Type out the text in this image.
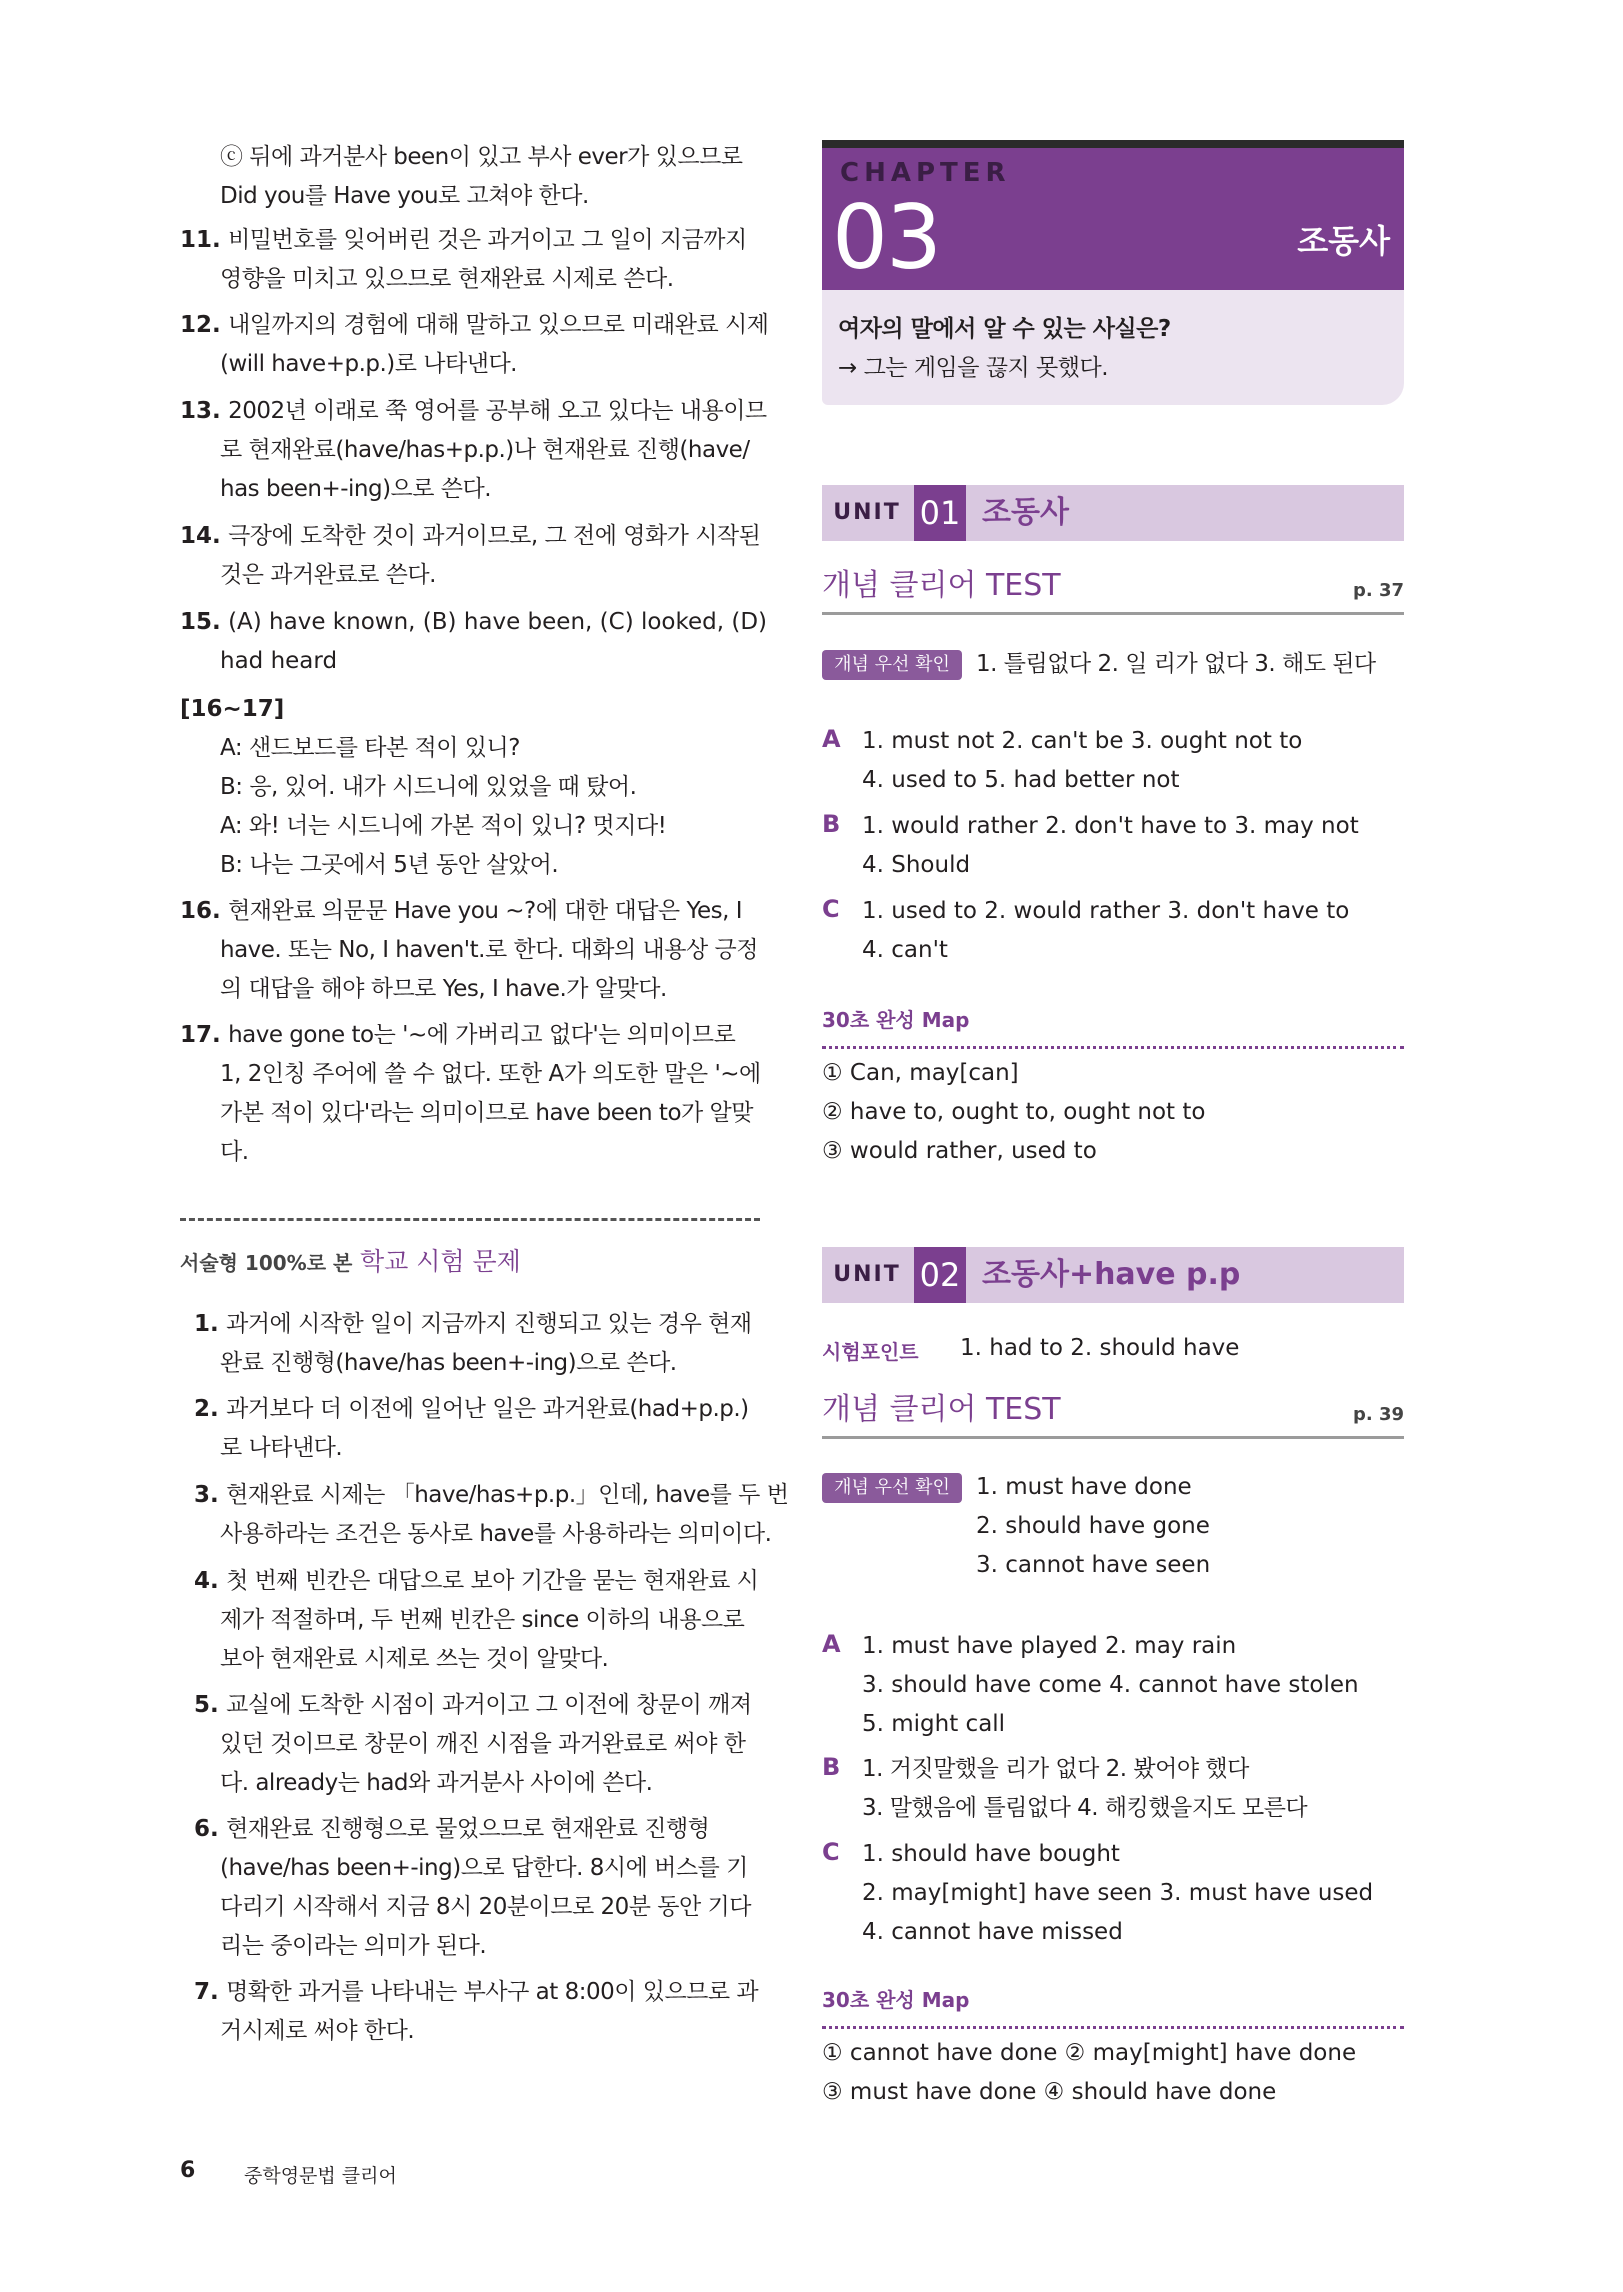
ⓒ 뒤에 과거분사 been이 있고 부사 ever가 있으므로
Did you를 Have you로 고쳐야 한다.
11. 비밀번호를 잊어버린 것은 과거이고 그 일이 지금까지
영향을 미치고 있으므로 현재완료 시제로 쓴다.
12. 내일까지의 경험에 대해 말하고 있으므로 미래완료 시제
(will have+p.p.)로 나타낸다.
13. 2002년 이래로 쭉 영어를 공부해 오고 있다는 내용이므
로 현재완료(have/has+p.p.)나 현재완료 진행(have/
has been+-ing)으로 쓴다.
14. 극장에 도착한 것이 과거이므로, 그 전에 영화가 시작된
것은 과거완료로 쓴다.
15. (A) have known, (B) have been, (C) looked, (D)
had heard
[16~17]
A: 샌드보드를 타본 적이 있니?
B: 응, 있어. 내가 시드니에 있었을 때 탔어.
A: 와! 너는 시드니에 가본 적이 있니? 멋지다!
B: 나는 그곳에서 5년 동안 살았어.
16. 현재완료 의문문 Have you ~?에 대한 대답은 Yes, I
have. 또는 No, I haven't.로 한다. 대화의 내용상 긍정
의 대답을 해야 하므로 Yes, I have.가 알맞다.
17. have gone to는 '~에 가버리고 없다'는 의미이므로
1, 2인칭 주어에 쓸 수 없다. 또한 A가 의도한 말은 '~에
가본 적이 있다'라는 의미이므로 have been to가 알맞
다.
서술형 100%로 본 학교 시험 문제
1. 과거에 시작한 일이 지금까지 진행되고 있는 경우 현재
완료 진행형(have/has been+-ing)으로 쓴다.
2. 과거보다 더 이전에 일어난 일은 과거완료(had+p.p.)
로 나타낸다.
3. 현재완료 시제는 「have/has+p.p.」인데, have를 두 번
사용하라는 조건은 동사로 have를 사용하라는 의미이다.
4. 첫 번째 빈칸은 대답으로 보아 기간을 묻는 현재완료 시
제가 적절하며, 두 번째 빈칸은 since 이하의 내용으로
보아 현재완료 시제로 쓰는 것이 알맞다.
5. 교실에 도착한 시점이 과거이고 그 이전에 창문이 깨져
있던 것이므로 창문이 깨진 시점을 과거완료로 써야 한
다. already는 had와 과거분사 사이에 쓴다.
6. 현재완료 진행형으로 물었으므로 현재완료 진행형
(have/has been+-ing)으로 답한다. 8시에 버스를 기
다리기 시작해서 지금 8시 20분이므로 20분 동안 기다
리는 중이라는 의미가 된다.
7. 명확한 과거를 나타내는 부사구 at 8:00이 있으므로 과
거시제로 써야 한다.
CHAPTER
03	조동사
여자의 말에서 알 수 있는 사실은?
→ 그는 게임을 끊지 못했다.
UNIT 01 조동사
개념 클리어 TEST	p. 37
개념 우선 확인	1. 틀림없다 2. 일 리가 없다 3. 해도 된다
A 1. must not 2. can't be 3. ought not to
4. used to 5. had better not
B 1. would rather 2. don't have to 3. may not
4. Should
C 1. used to 2. would rather 3. don't have to
4. can't
30초 완성 Map
① Can, may[can]
② have to, ought to, ought not to
③ would rather, used to
UNIT 02 조동사+have p.p
시험포인트 1. had to 2. should have
개념 클리어 TEST	p. 39
개념 우선 확인	1. must have done
2. should have gone
3. cannot have seen
A 1. must have played 2. may rain
3. should have come 4. cannot have stolen
5. might call
B 1. 거짓말했을 리가 없다 2. 봤어야 했다
3. 말했음에 틀림없다 4. 해킹했을지도 모른다
C 1. should have bought
2. may[might] have seen 3. must have used
4. cannot have missed
30초 완성 Map
① cannot have done ② may[might] have done
③ must have done ④ should have done
6	중학영문법 클리어
